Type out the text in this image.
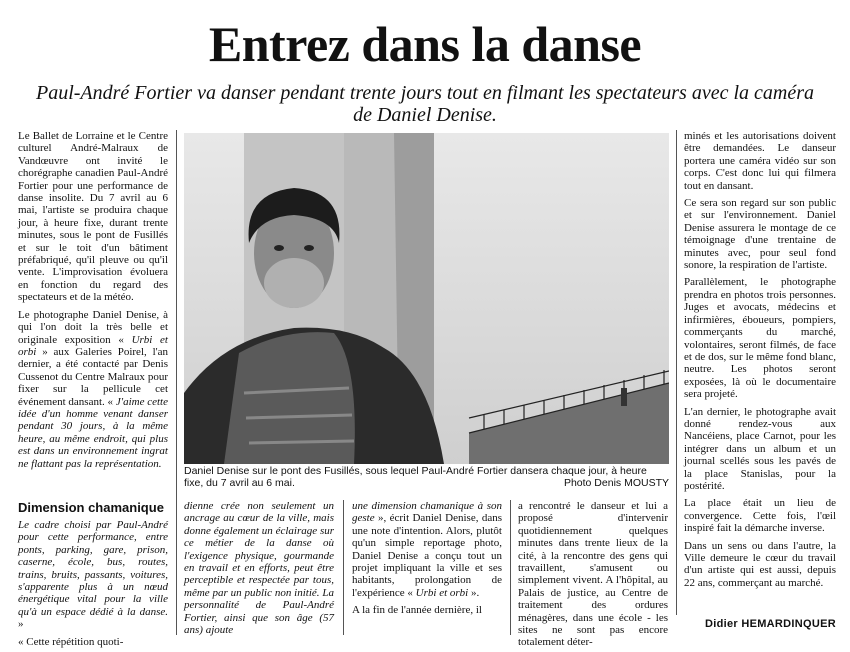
Entrez dans la danse
Paul-André Fortier va danser pendant trente jours tout en filmant les spectateurs avec la caméra de Daniel Denise.

Le Ballet de Lorraine et le Centre culturel André-Malraux de Vandœuvre ont invité le chorégraphe canadien Paul-André Fortier pour une performance de danse insolite. Du 7 avril au 6 mai, l'artiste se produira chaque jour, à heure fixe, durant trente minutes, sous le pont de Fusillés et sur le toit d'un bâtiment préfabriqué, qu'il pleuve ou qu'il vente. L'improvisation évoluera en fonction du regard des spectateurs et de la météo.

Le photographe Daniel Denise, à qui l'on doit la très belle et originale exposition « Urbi et orbi » aux Galeries Poirel, l'an dernier, a été contacté par Denis Cussenot du Centre Malraux pour fixer sur la pellicule cet événement dansant. « J'aime cette idée d'un homme venant danser pendant 30 jours, à la même heure, au même endroit, qui plus est dans un environnement ingrat ne flattant pas la représentation.

Dimension chamanique

Le cadre choisi par Paul-André pour cette performance, entre ponts, parking, gare, prison, caserne, école, bus, routes, trains, bruits, passants, voitures, s'apparente plus à un nœud énergétique vital pour la ville qu'à un espace dédié à la danse. »

« Cette répétition quoti-

Daniel Denise sur le pont des Fusillés, sous lequel Paul-André Fortier dansera chaque jour, à heure fixe, du 7 avril au 6 mai.	Photo Denis MOUSTY
dienne crée non seulement un ancrage au cœur de la ville, mais donne également un éclairage sur ce métier de la danse où l'exigence physique, gourmande en travail et en efforts, peut être perceptible et respectée par tous, même par un public non initié. La personnalité de Paul-André Fortier, ainsi que son âge (57 ans) ajoute

une dimension chamanique à son geste », écrit Daniel Denise, dans une note d'intention. Alors, plutôt qu'un simple reportage photo, Daniel Denise a conçu tout un projet impliquant la ville et ses habitants, prolongation de l'expérience « Urbi et orbi ».

A la fin de l'année dernière, il

a rencontré le danseur et lui a proposé d'intervenir quotidiennement quelques minutes dans trente lieux de la cité, à la rencontre des gens qui travaillent, s'amusent ou simplement vivent. A l'hôpital, au Palais de justice, au Centre de traitement des ordures ménagères, dans une école - les sites ne sont pas encore totalement déter-

minés et les autorisations doivent être demandées. Le danseur portera une caméra vidéo sur son corps. C'est donc lui qui filmera tout en dansant.

Ce sera son regard sur son public et sur l'environnement. Daniel Denise assurera le montage de ce témoignage d'une trentaine de minutes avec, pour seul fond sonore, la respiration de l'artiste.

Parallèlement, le photographe prendra en photos trois personnes. Juges et avocats, médecins et infirmières, éboueurs, pompiers, commerçants du marché, volontaires, seront filmés, de face et de dos, sur le même fond blanc, neutre. Les photos seront exposées, là où le documentaire sera projeté.

L'an dernier, le photographe avait donné rendez-vous aux Nancéiens, place Carnot, pour les intégrer dans un album et un journal scellés sous les pavés de la place Stanislas, pour la postérité.

La place était un lieu de convergence. Cette fois, l'œil inspiré fait la démarche inverse.

Dans un sens ou dans l'autre, la Ville demeure le cœur du travail d'un artiste qui est aussi, depuis 22 ans, commerçant au marché.

Didier HEMARDINQUER
